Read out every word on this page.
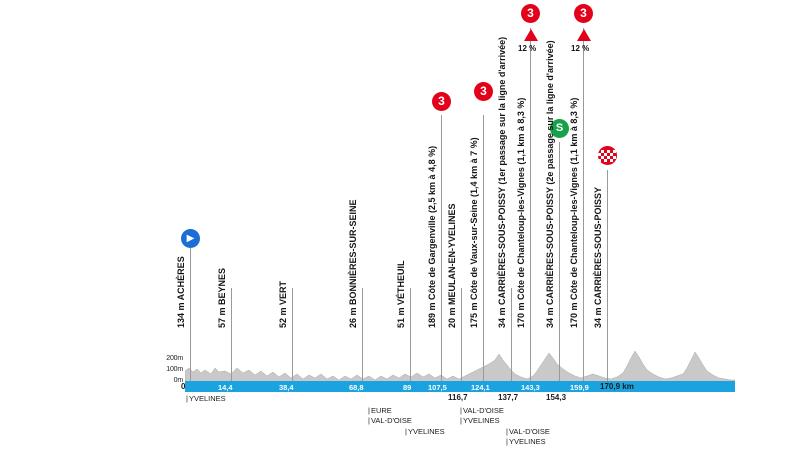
200m
100m
0m
▶
3
3
3	3
S
12 %	12 %
134 m ACHÈRES	57 m BEYNES	52 m VERT	26 m BONNIÈRES-SUR-SEINE	51 m VÉTHEUIL 189 m Côte de Gargenville (2,5 km à 4,8 %) 20 m MEULAN-EN-YVELINES 175 m Côte de Vaux-sur-Seine (1,4 km à 7 %) 34 m CARRIÈRES-SOUS-POISSY (1er passage sur la ligne d'arrivée) 170 m Côte de Chanteloup-les-Vignes (1,1 km à 8,3 %) 34 m CARRIÈRES-SOUS-POISSY (2e passage sur la ligne d'arrivée) 170 m Côte de Chanteloup-les-Vignes (1,1 km à 8,3 %) 34 m CARRIÈRES-SOUS-POISSY
0	14,4	38,4	68,8	89 107,5
116,7
124,1
137,7
143,3
154,3
159,9 170,9 km
| YVELINES
| EURE
| VAL-D'OISE
| YVELINES
| VAL-D'OISE
| YVELINES
| VAL-D'OISE
| YVELINES
